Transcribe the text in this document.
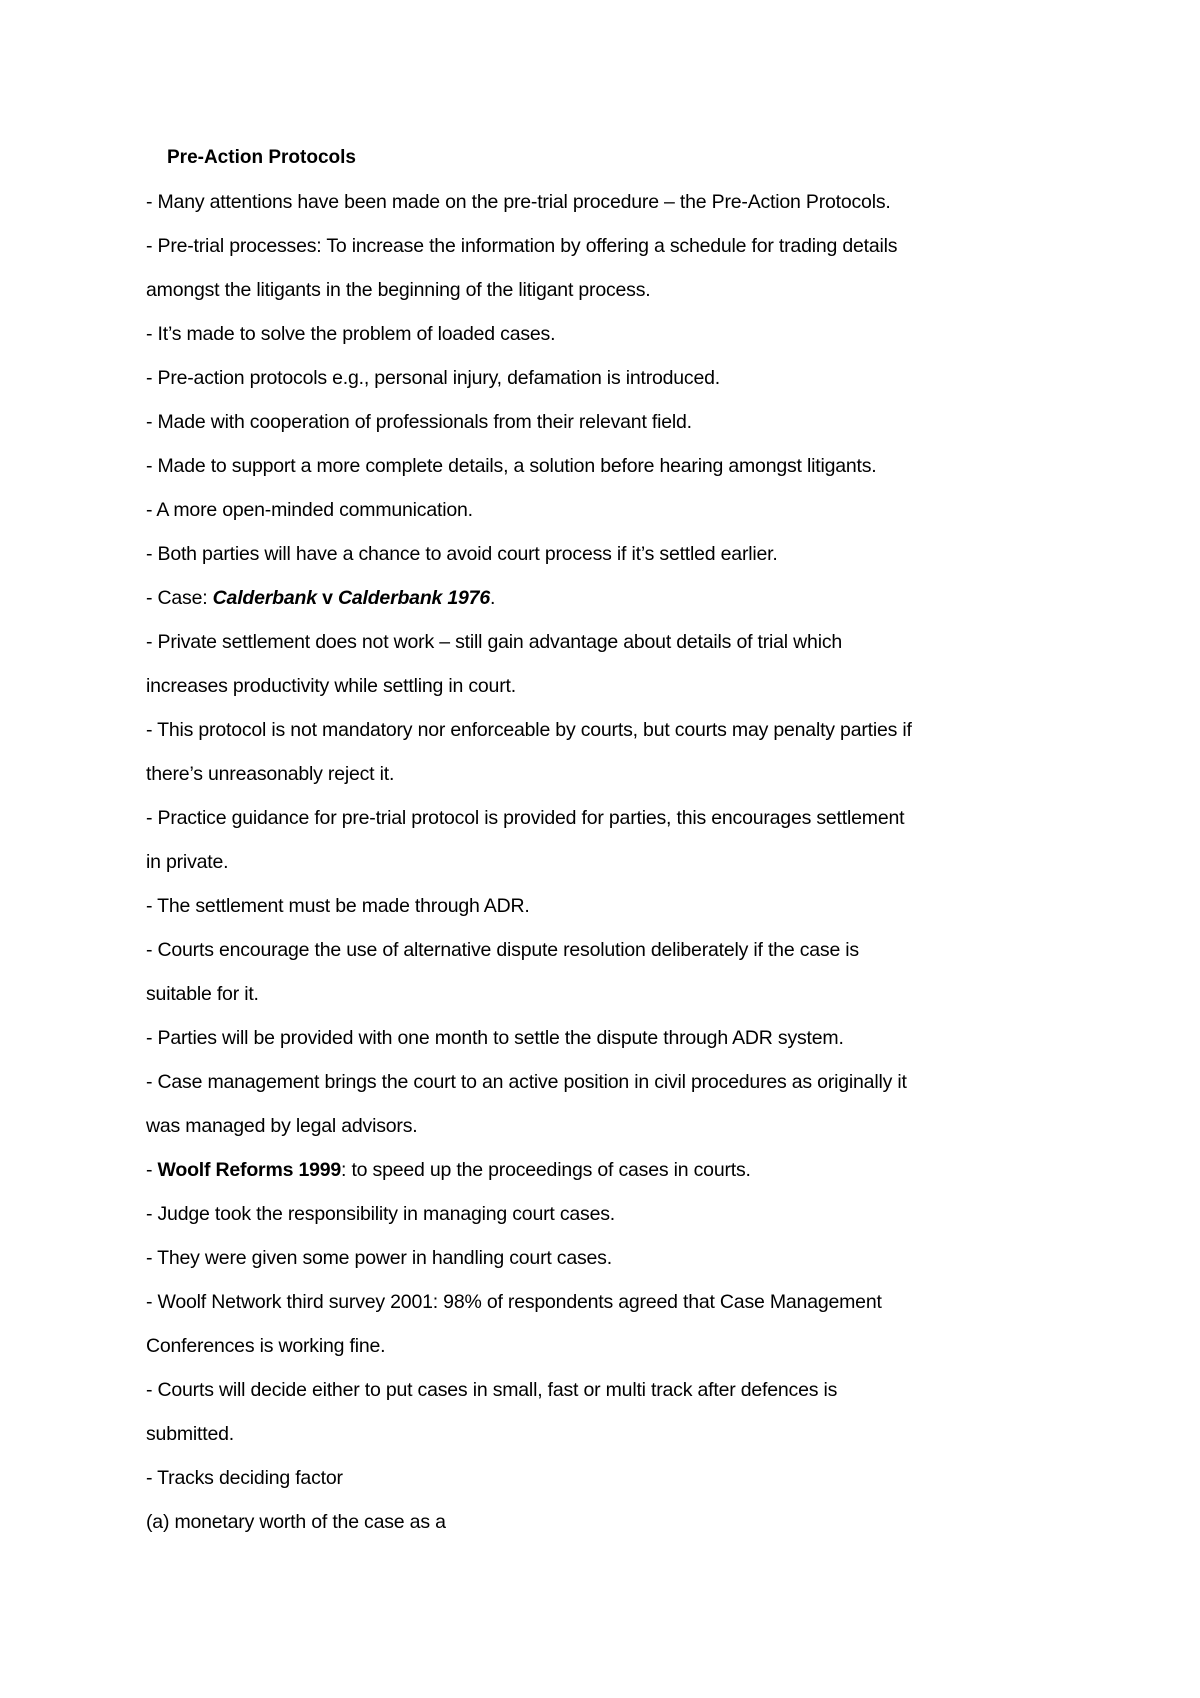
Pre-Action Protocols
- Many attentions have been made on the pre-trial procedure – the Pre-Action Protocols.
- Pre-trial processes: To increase the information by offering a schedule for trading details
amongst the litigants in the beginning of the litigant process.
- It’s made to solve the problem of loaded cases.
- Pre-action protocols e.g., personal injury, defamation is introduced.
- Made with cooperation of professionals from their relevant field.
- Made to support a more complete details, a solution before hearing amongst litigants.
- A more open-minded communication.
- Both parties will have a chance to avoid court process if it’s settled earlier.
- Case: Calderbank v Calderbank 1976.
- Private settlement does not work – still gain advantage about details of trial which
increases productivity while settling in court.
- This protocol is not mandatory nor enforceable by courts, but courts may penalty parties if
there’s unreasonably reject it.
- Practice guidance for pre-trial protocol is provided for parties, this encourages settlement
in private.
- The settlement must be made through ADR.
- Courts encourage the use of alternative dispute resolution deliberately if the case is
suitable for it.
- Parties will be provided with one month to settle the dispute through ADR system.
- Case management brings the court to an active position in civil procedures as originally it
was managed by legal advisors.
- Woolf Reforms 1999: to speed up the proceedings of cases in courts.
- Judge took the responsibility in managing court cases.
- They were given some power in handling court cases.
- Woolf Network third survey 2001: 98% of respondents agreed that Case Management
Conferences is working fine.
- Courts will decide either to put cases in small, fast or multi track after defences is
submitted.
- Tracks deciding factor
(a) monetary worth of the case as a
